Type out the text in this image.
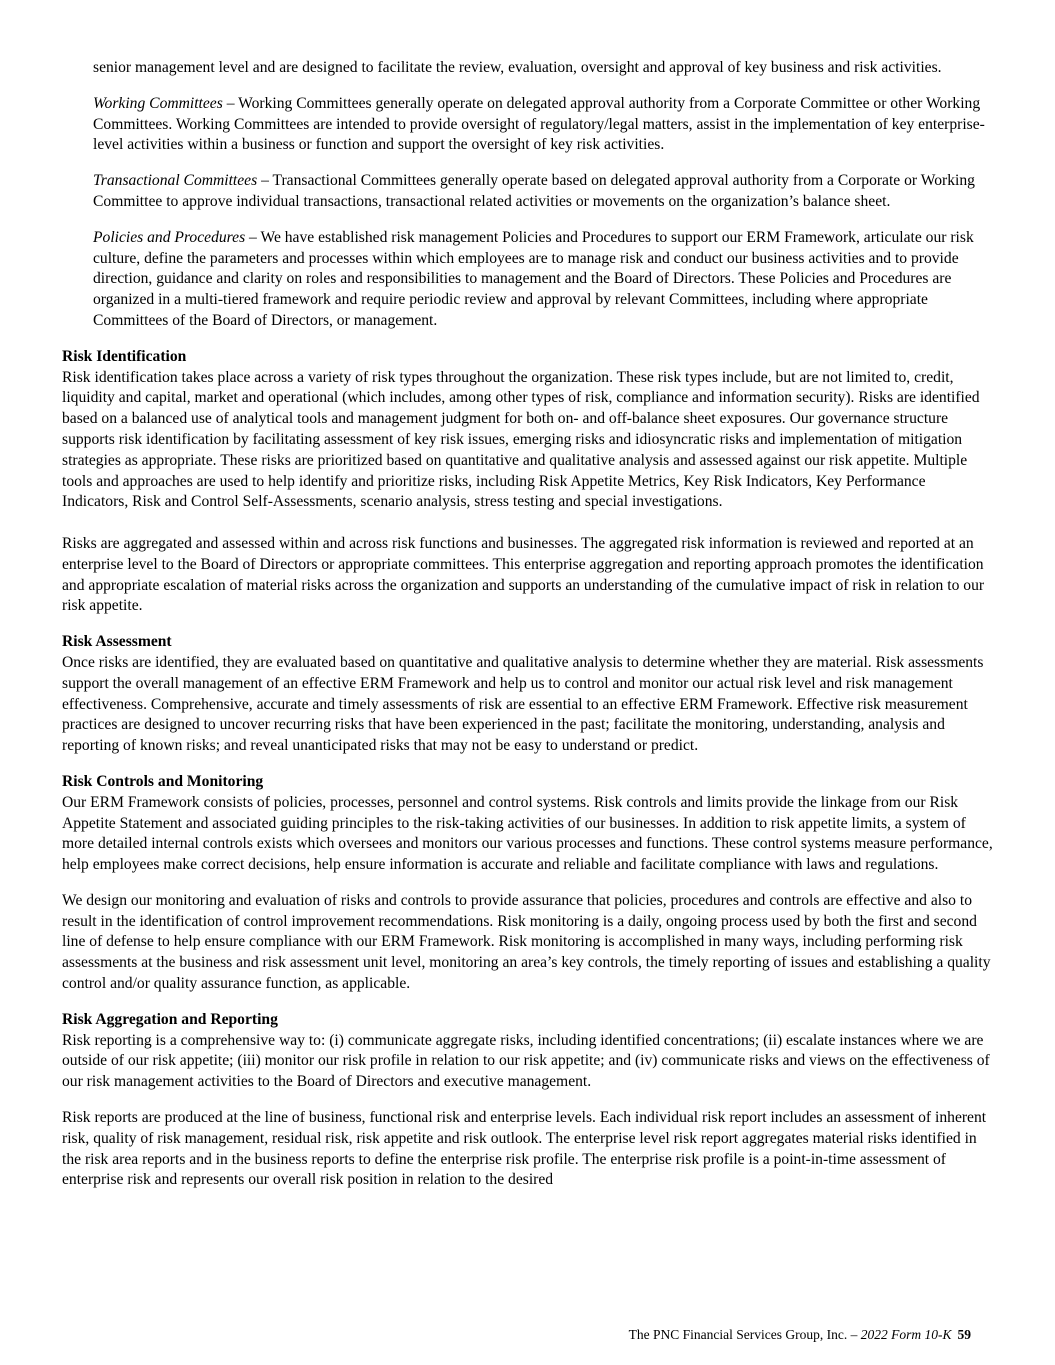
senior management level and are designed to facilitate the review, evaluation, oversight and approval of key business and risk activities.

Working Committees – Working Committees generally operate on delegated approval authority from a Corporate Committee or other Working Committees. Working Committees are intended to provide oversight of regulatory/legal matters, assist in the implementation of key enterprise-level activities within a business or function and support the oversight of key risk activities.

Transactional Committees – Transactional Committees generally operate based on delegated approval authority from a Corporate or Working Committee to approve individual transactions, transactional related activities or movements on the organization’s balance sheet.

Policies and Procedures – We have established risk management Policies and Procedures to support our ERM Framework, articulate our risk culture, define the parameters and processes within which employees are to manage risk and conduct our business activities and to provide direction, guidance and clarity on roles and responsibilities to management and the Board of Directors. These Policies and Procedures are organized in a multi-tiered framework and require periodic review and approval by relevant Committees, including where appropriate Committees of the Board of Directors, or management.

Risk Identification

Risk identification takes place across a variety of risk types throughout the organization. These risk types include, but are not limited to, credit, liquidity and capital, market and operational (which includes, among other types of risk, compliance and information security). Risks are identified based on a balanced use of analytical tools and management judgment for both on- and off-balance sheet exposures. Our governance structure supports risk identification by facilitating assessment of key risk issues, emerging risks and idiosyncratic risks and implementation of mitigation strategies as appropriate. These risks are prioritized based on quantitative and qualitative analysis and assessed against our risk appetite. Multiple tools and approaches are used to help identify and prioritize risks, including Risk Appetite Metrics, Key Risk Indicators, Key Performance Indicators, Risk and Control Self-Assessments, scenario analysis, stress testing and special investigations.

Risks are aggregated and assessed within and across risk functions and businesses. The aggregated risk information is reviewed and reported at an enterprise level to the Board of Directors or appropriate committees. This enterprise aggregation and reporting approach promotes the identification and appropriate escalation of material risks across the organization and supports an understanding of the cumulative impact of risk in relation to our risk appetite.

Risk Assessment

Once risks are identified, they are evaluated based on quantitative and qualitative analysis to determine whether they are material. Risk assessments support the overall management of an effective ERM Framework and help us to control and monitor our actual risk level and risk management effectiveness. Comprehensive, accurate and timely assessments of risk are essential to an effective ERM Framework. Effective risk measurement practices are designed to uncover recurring risks that have been experienced in the past; facilitate the monitoring, understanding, analysis and reporting of known risks; and reveal unanticipated risks that may not be easy to understand or predict.

Risk Controls and Monitoring

Our ERM Framework consists of policies, processes, personnel and control systems. Risk controls and limits provide the linkage from our Risk Appetite Statement and associated guiding principles to the risk-taking activities of our businesses. In addition to risk appetite limits, a system of more detailed internal controls exists which oversees and monitors our various processes and functions. These control systems measure performance, help employees make correct decisions, help ensure information is accurate and reliable and facilitate compliance with laws and regulations.

We design our monitoring and evaluation of risks and controls to provide assurance that policies, procedures and controls are effective and also to result in the identification of control improvement recommendations. Risk monitoring is a daily, ongoing process used by both the first and second line of defense to help ensure compliance with our ERM Framework. Risk monitoring is accomplished in many ways, including performing risk assessments at the business and risk assessment unit level, monitoring an area’s key controls, the timely reporting of issues and establishing a quality control and/or quality assurance function, as applicable.

Risk Aggregation and Reporting

Risk reporting is a comprehensive way to: (i) communicate aggregate risks, including identified concentrations; (ii) escalate instances where we are outside of our risk appetite; (iii) monitor our risk profile in relation to our risk appetite; and (iv) communicate risks and views on the effectiveness of our risk management activities to the Board of Directors and executive management.

Risk reports are produced at the line of business, functional risk and enterprise levels. Each individual risk report includes an assessment of inherent risk, quality of risk management, residual risk, risk appetite and risk outlook. The enterprise level risk report aggregates material risks identified in the risk area reports and in the business reports to define the enterprise risk profile. The enterprise risk profile is a point-in-time assessment of enterprise risk and represents our overall risk position in relation to the desired

The PNC Financial Services Group, Inc. – 2022 Form 10-K 59
